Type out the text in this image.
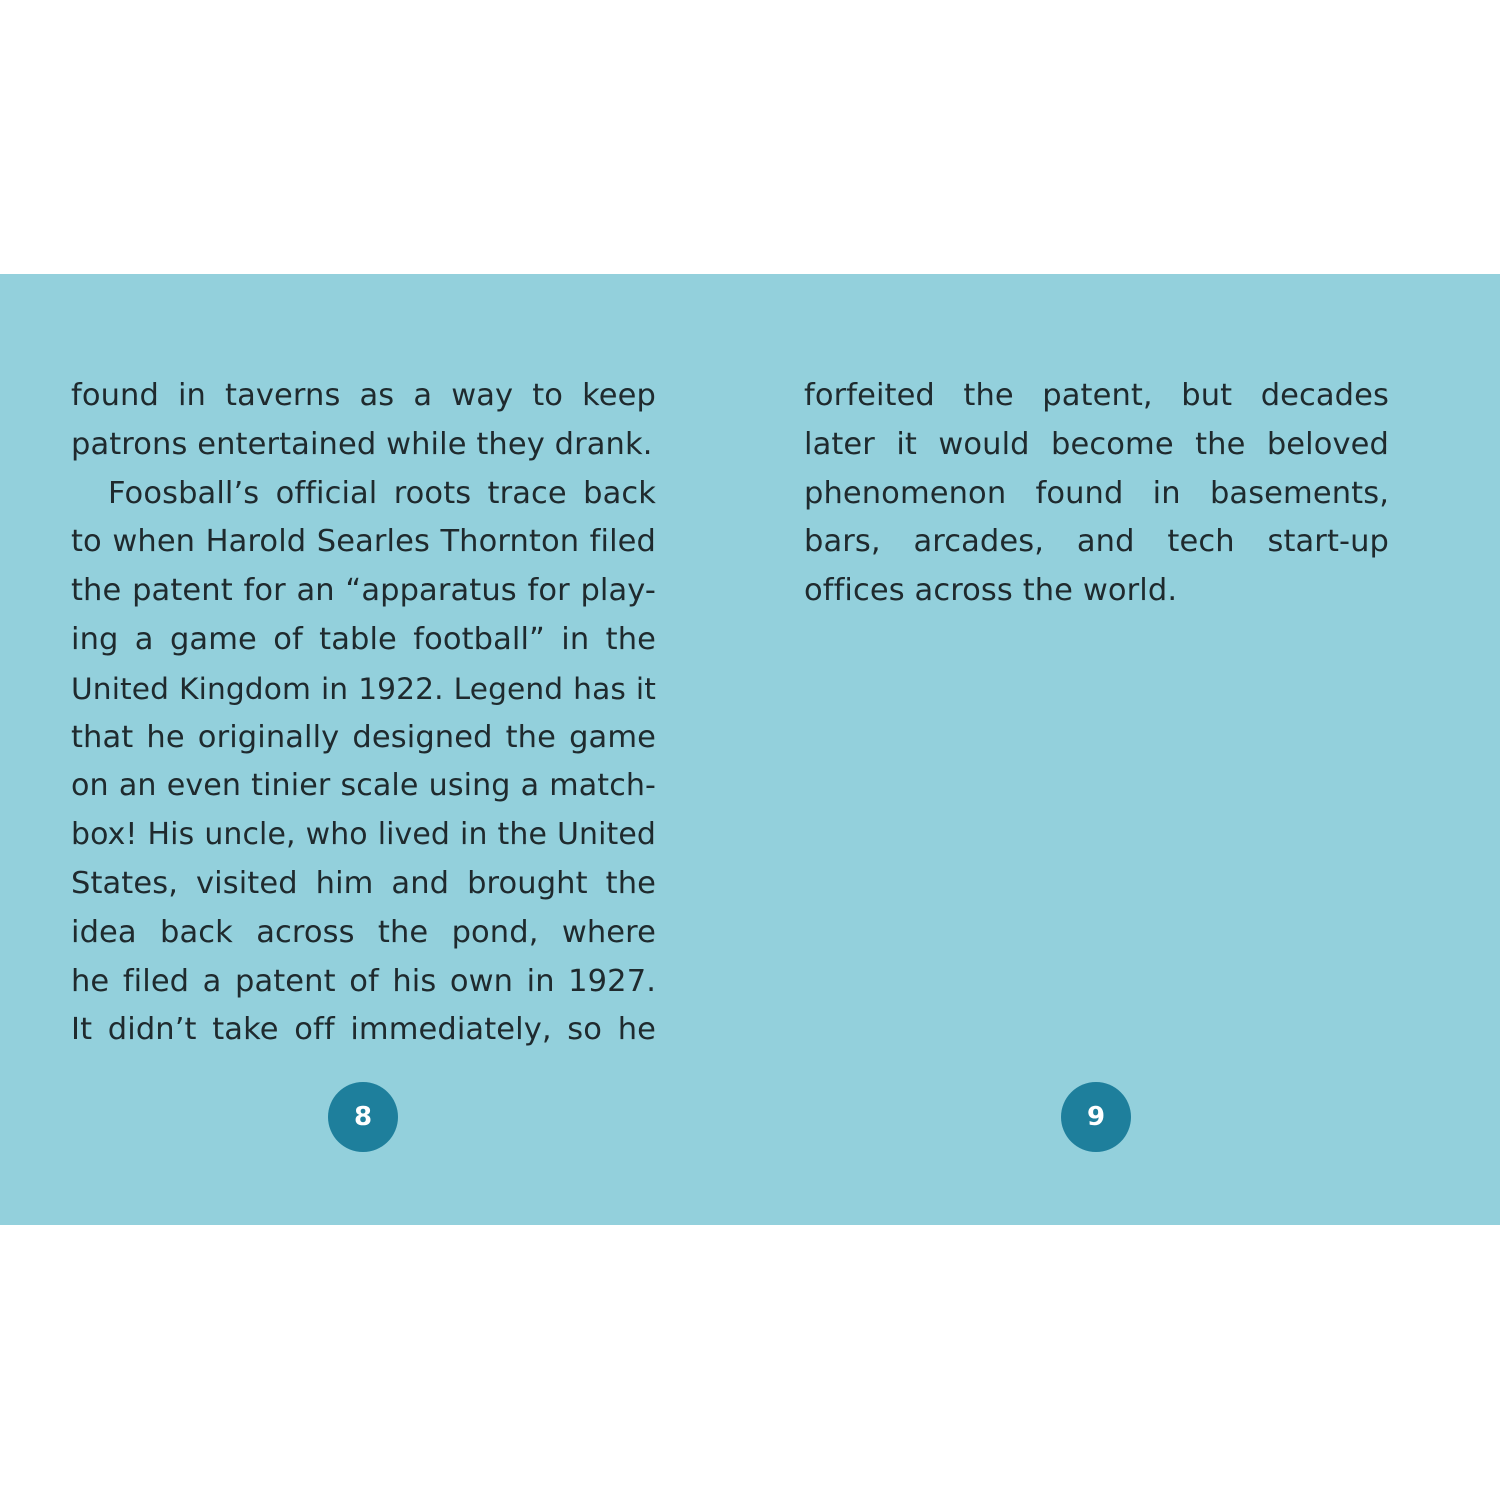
found in taverns as a way to keep
patrons entertained while they drank.
Foosball’s official roots trace back
to when Harold Searles Thornton filed
the patent for an “apparatus for play-
ing a game of table football” in the
United Kingdom in 1922. Legend has it
that he originally designed the game
on an even tinier scale using a match-
box! His uncle, who lived in the United
States, visited him and brought the
idea back across the pond, where
he filed a patent of his own in 1927.
It didn’t take off immediately, so he
8
forfeited the patent, but decades
later it would become the beloved
phenomenon found in basements,
bars, arcades, and tech start-up
offices across the world.
9
